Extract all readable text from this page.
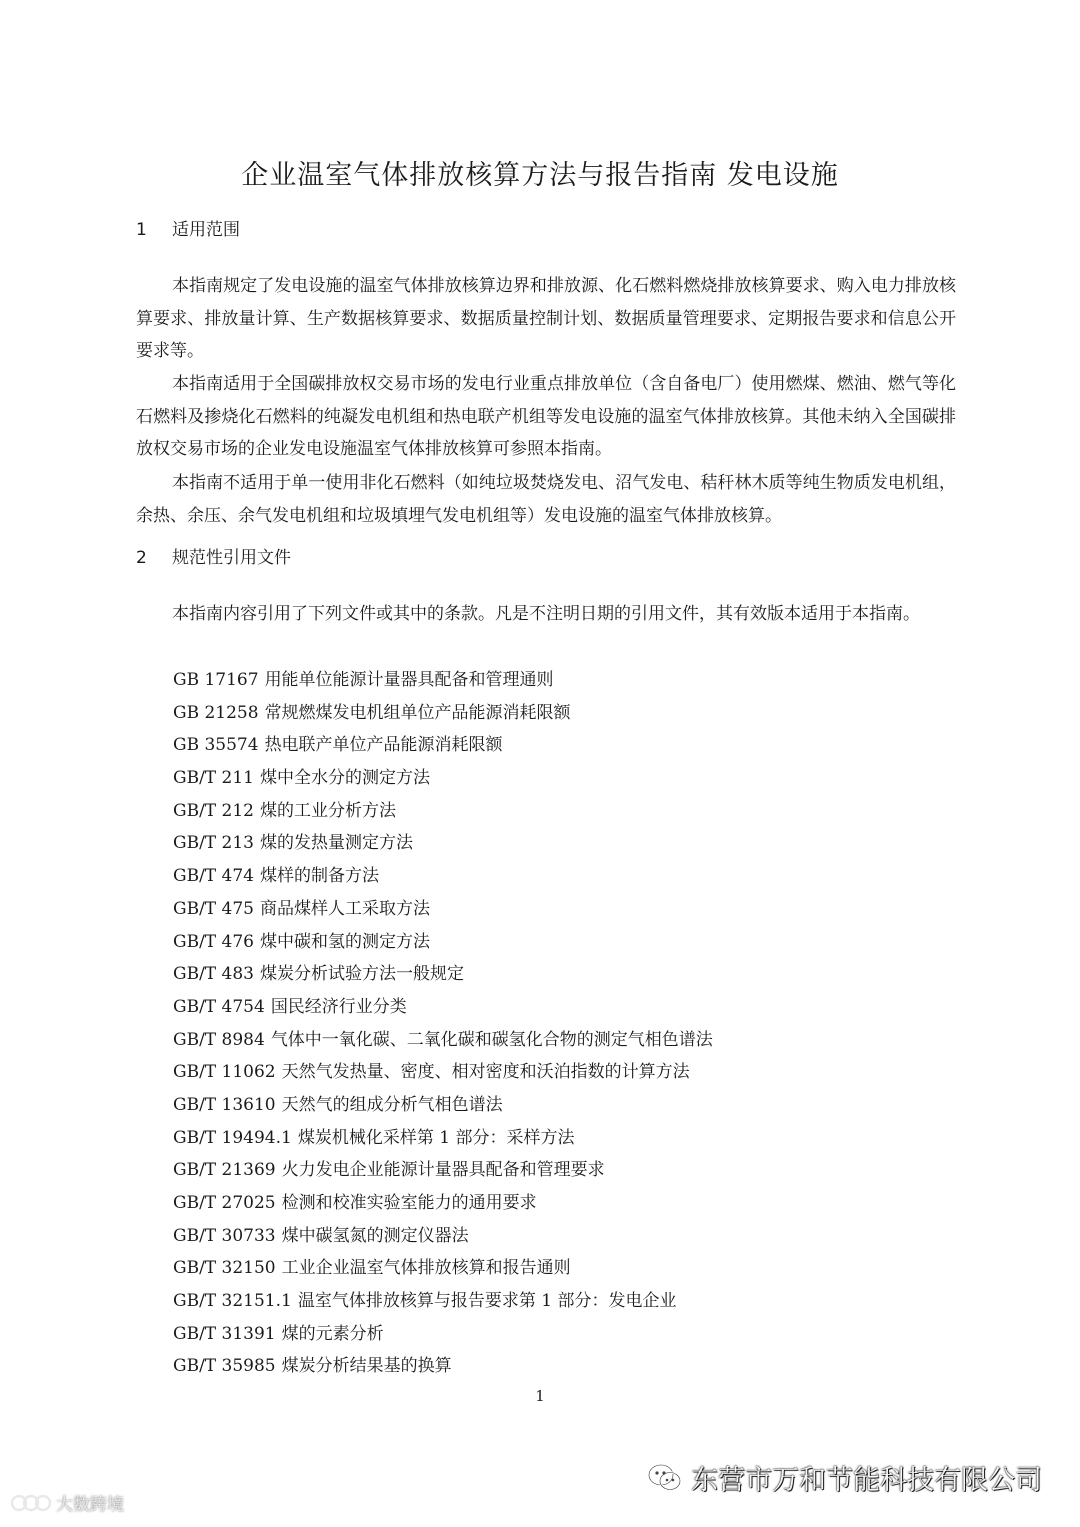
企业温室气体排放核算方法与报告指南 发电设施
1 适用范围
本指南规定了发电设施的温室气体排放核算边界和排放源、化石燃料燃烧排放核算要求、购入电力排放核算要求、排放量计算、生产数据核算要求、数据质量控制计划、数据质量管理要求、定期报告要求和信息公开要求等。
本指南适用于全国碳排放权交易市场的发电行业重点排放单位（含自备电厂）使用燃煤、燃油、燃气等化石燃料及掺烧化石燃料的纯凝发电机组和热电联产机组等发电设施的温室气体排放核算。其他未纳入全国碳排放权交易市场的企业发电设施温室气体排放核算可参照本指南。
本指南不适用于单一使用非化石燃料（如纯垃圾焚烧发电、沼气发电、秸秆林木质等纯生物质发电机组，余热、余压、余气发电机组和垃圾填埋气发电机组等）发电设施的温室气体排放核算。
2 规范性引用文件
本指南内容引用了下列文件或其中的条款。凡是不注明日期的引用文件，其有效版本适用于本指南。
GB 17167 用能单位能源计量器具配备和管理通则
GB 21258 常规燃煤发电机组单位产品能源消耗限额
GB 35574 热电联产单位产品能源消耗限额
GB/T 211 煤中全水分的测定方法
GB/T 212 煤的工业分析方法
GB/T 213 煤的发热量测定方法
GB/T 474 煤样的制备方法
GB/T 475 商品煤样人工采取方法
GB/T 476 煤中碳和氢的测定方法
GB/T 483 煤炭分析试验方法一般规定
GB/T 4754 国民经济行业分类
GB/T 8984 气体中一氧化碳、二氧化碳和碳氢化合物的测定气相色谱法
GB/T 11062 天然气发热量、密度、相对密度和沃泊指数的计算方法
GB/T 13610 天然气的组成分析气相色谱法
GB/T 19494.1 煤炭机械化采样第 1 部分：采样方法
GB/T 21369 火力发电企业能源计量器具配备和管理要求
GB/T 27025 检测和校准实验室能力的通用要求
GB/T 30733 煤中碳氢氮的测定仪器法
GB/T 32150 工业企业温室气体排放核算和报告通则
GB/T 32151.1 温室气体排放核算与报告要求第 1 部分：发电企业
GB/T 31391 煤的元素分析
GB/T 35985 煤炭分析结果基的换算
1
东营市万和节能科技有限公司
大数跨境
